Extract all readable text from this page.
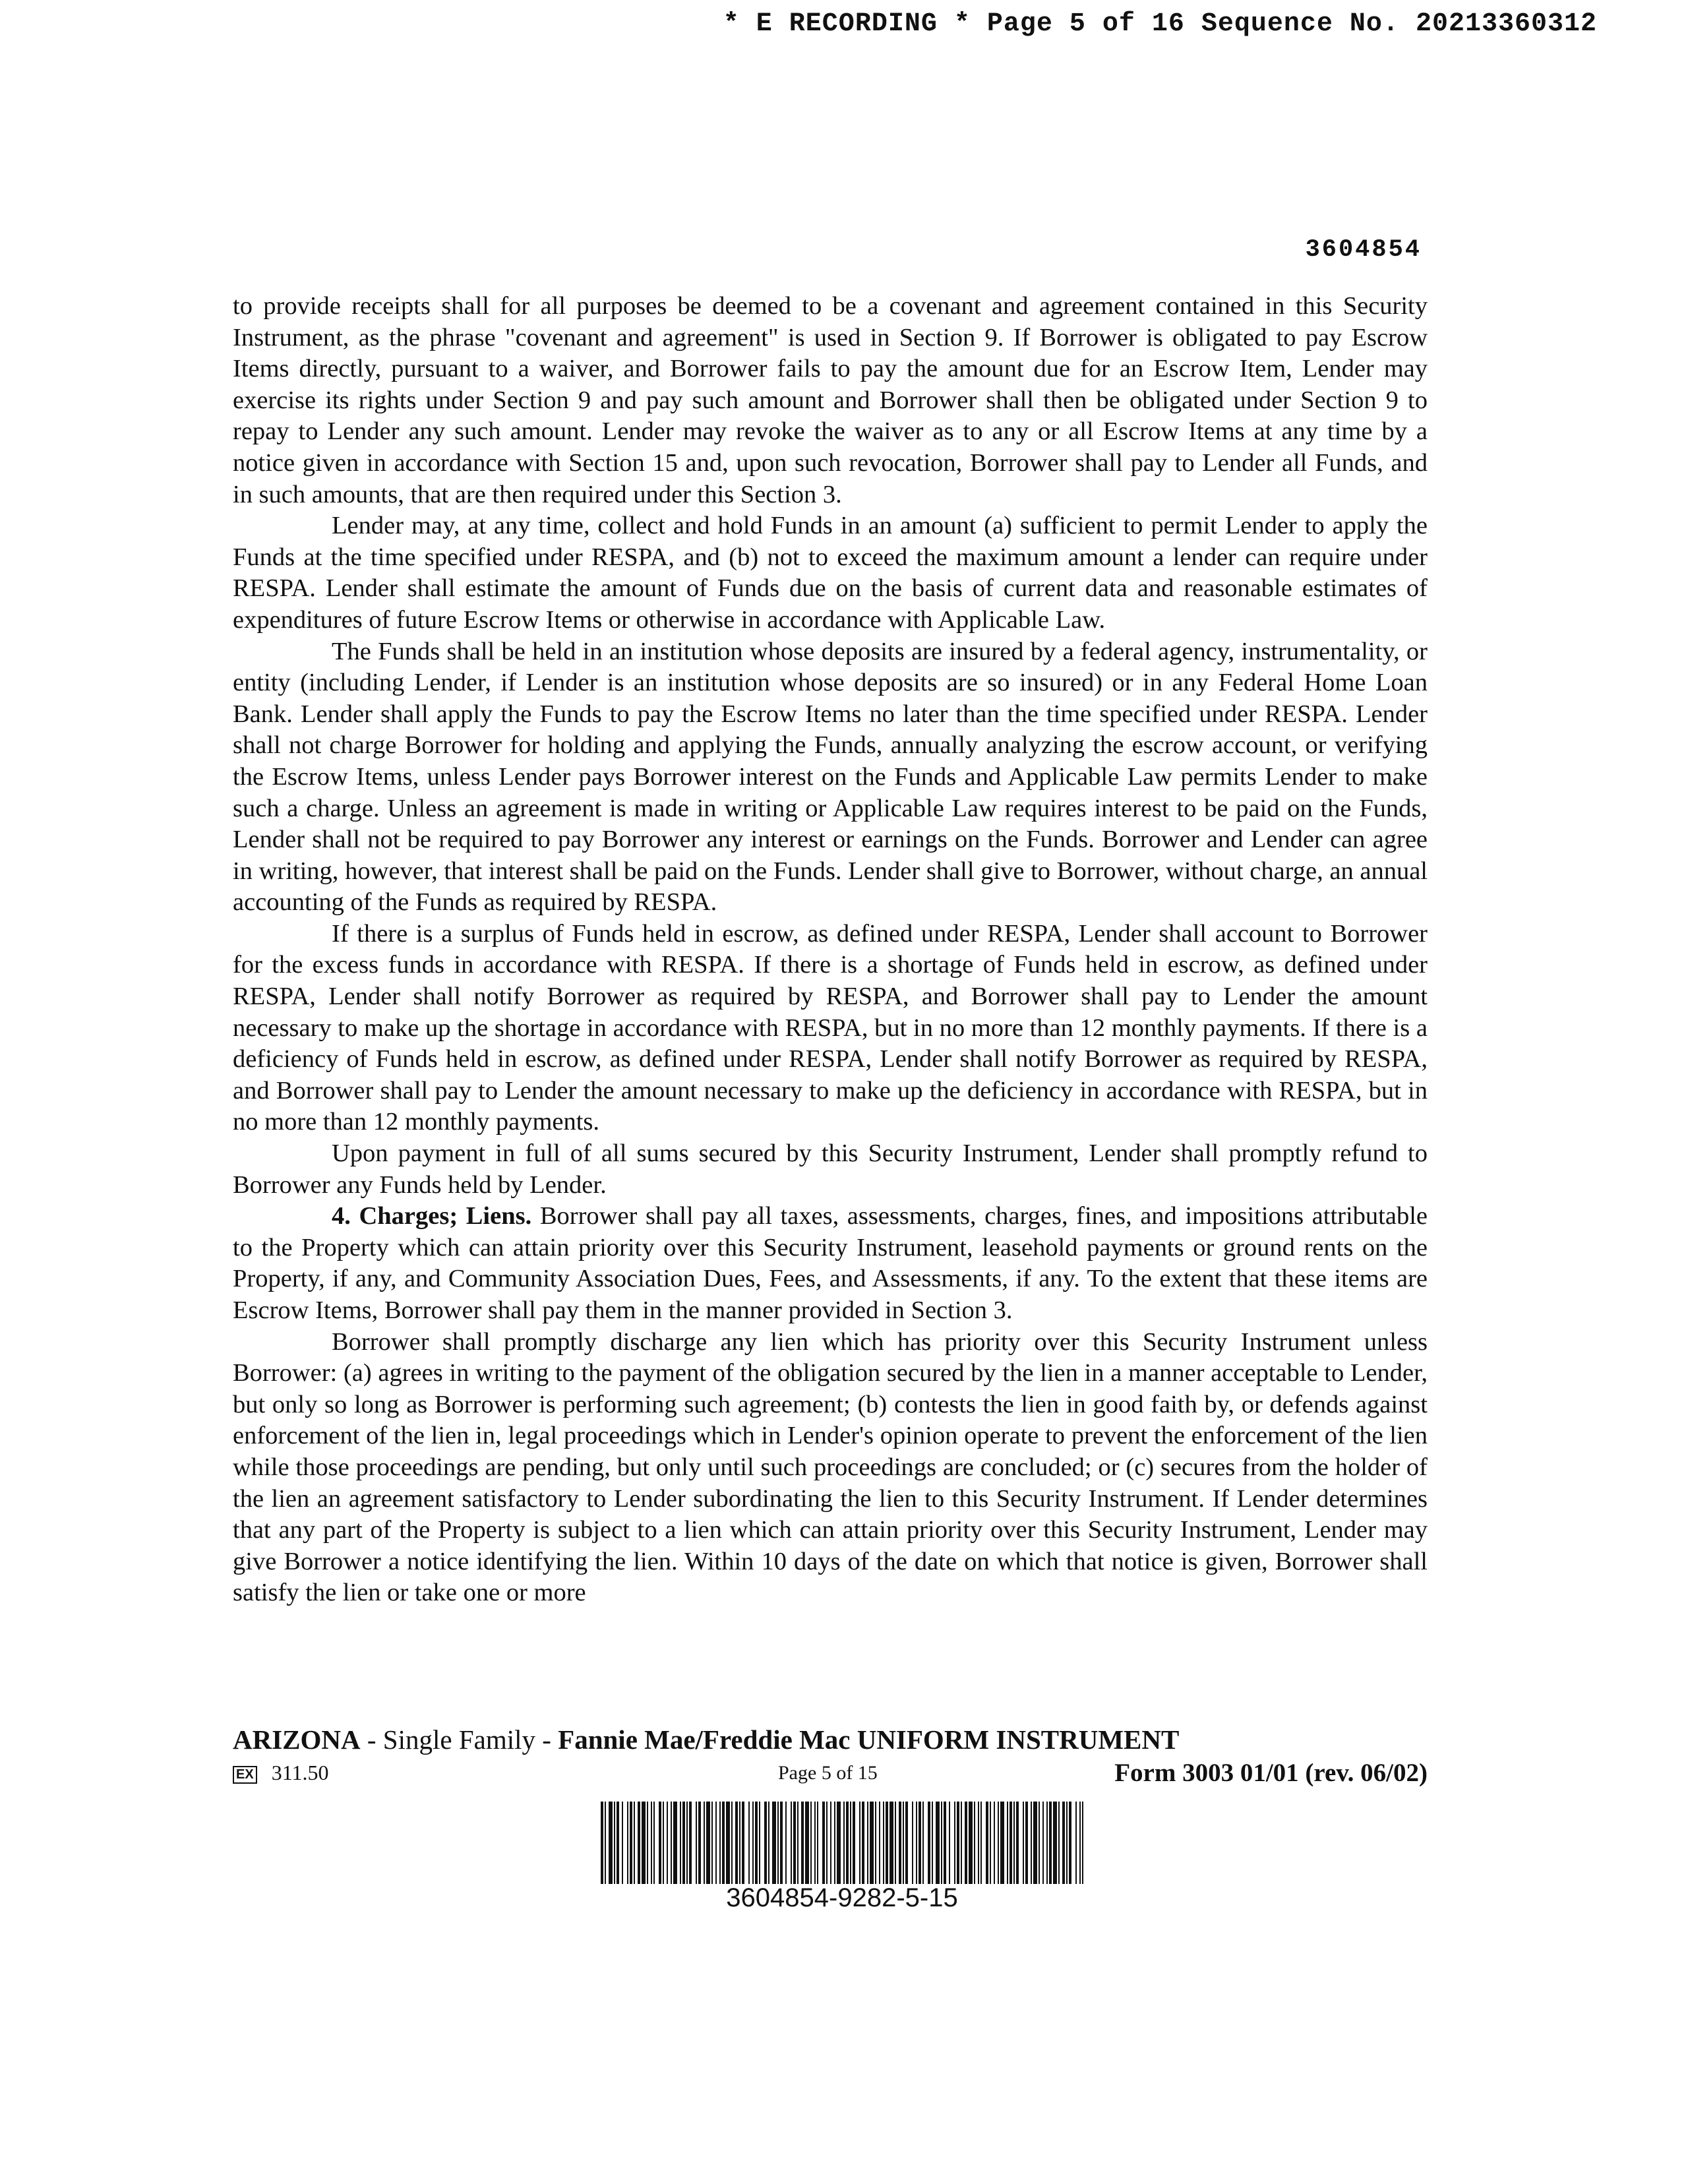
* E RECORDING * Page 5 of 16 Sequence No. 20213360312
3604854

to provide receipts shall for all purposes be deemed to be a covenant and agreement contained in this Security Instrument, as the phrase "covenant and agreement" is used in Section 9. If Borrower is obligated to pay Escrow Items directly, pursuant to a waiver, and Borrower fails to pay the amount due for an Escrow Item, Lender may exercise its rights under Section 9 and pay such amount and Borrower shall then be obligated under Section 9 to repay to Lender any such amount. Lender may revoke the waiver as to any or all Escrow Items at any time by a notice given in accordance with Section 15 and, upon such revocation, Borrower shall pay to Lender all Funds, and in such amounts, that are then required under this Section 3.

Lender may, at any time, collect and hold Funds in an amount (a) sufficient to permit Lender to apply the Funds at the time specified under RESPA, and (b) not to exceed the maximum amount a lender can require under RESPA. Lender shall estimate the amount of Funds due on the basis of current data and reasonable estimates of expenditures of future Escrow Items or otherwise in accordance with Applicable Law.

The Funds shall be held in an institution whose deposits are insured by a federal agency, instrumentality, or entity (including Lender, if Lender is an institution whose deposits are so insured) or in any Federal Home Loan Bank. Lender shall apply the Funds to pay the Escrow Items no later than the time specified under RESPA. Lender shall not charge Borrower for holding and applying the Funds, annually analyzing the escrow account, or verifying the Escrow Items, unless Lender pays Borrower interest on the Funds and Applicable Law permits Lender to make such a charge. Unless an agreement is made in writing or Applicable Law requires interest to be paid on the Funds, Lender shall not be required to pay Borrower any interest or earnings on the Funds. Borrower and Lender can agree in writing, however, that interest shall be paid on the Funds. Lender shall give to Borrower, without charge, an annual accounting of the Funds as required by RESPA.

If there is a surplus of Funds held in escrow, as defined under RESPA, Lender shall account to Borrower for the excess funds in accordance with RESPA. If there is a shortage of Funds held in escrow, as defined under RESPA, Lender shall notify Borrower as required by RESPA, and Borrower shall pay to Lender the amount necessary to make up the shortage in accordance with RESPA, but in no more than 12 monthly payments. If there is a deficiency of Funds held in escrow, as defined under RESPA, Lender shall notify Borrower as required by RESPA, and Borrower shall pay to Lender the amount necessary to make up the deficiency in accordance with RESPA, but in no more than 12 monthly payments.

Upon payment in full of all sums secured by this Security Instrument, Lender shall promptly refund to Borrower any Funds held by Lender.

4. Charges; Liens. Borrower shall pay all taxes, assessments, charges, fines, and impositions attributable to the Property which can attain priority over this Security Instrument, leasehold payments or ground rents on the Property, if any, and Community Association Dues, Fees, and Assessments, if any. To the extent that these items are Escrow Items, Borrower shall pay them in the manner provided in Section 3.

Borrower shall promptly discharge any lien which has priority over this Security Instrument unless Borrower: (a) agrees in writing to the payment of the obligation secured by the lien in a manner acceptable to Lender, but only so long as Borrower is performing such agreement; (b) contests the lien in good faith by, or defends against enforcement of the lien in, legal proceedings which in Lender's opinion operate to prevent the enforcement of the lien while those proceedings are pending, but only until such proceedings are concluded; or (c) secures from the holder of the lien an agreement satisfactory to Lender subordinating the lien to this Security Instrument. If Lender determines that any part of the Property is subject to a lien which can attain priority over this Security Instrument, Lender may give Borrower a notice identifying the lien. Within 10 days of the date on which that notice is given, Borrower shall satisfy the lien or take one or more

ARIZONA - Single Family - Fannie Mae/Freddie Mac UNIFORM INSTRUMENT
EX 311.50	Page 5 of 15	Form 3003 01/01 (rev. 06/02)
3604854-9282-5-15
